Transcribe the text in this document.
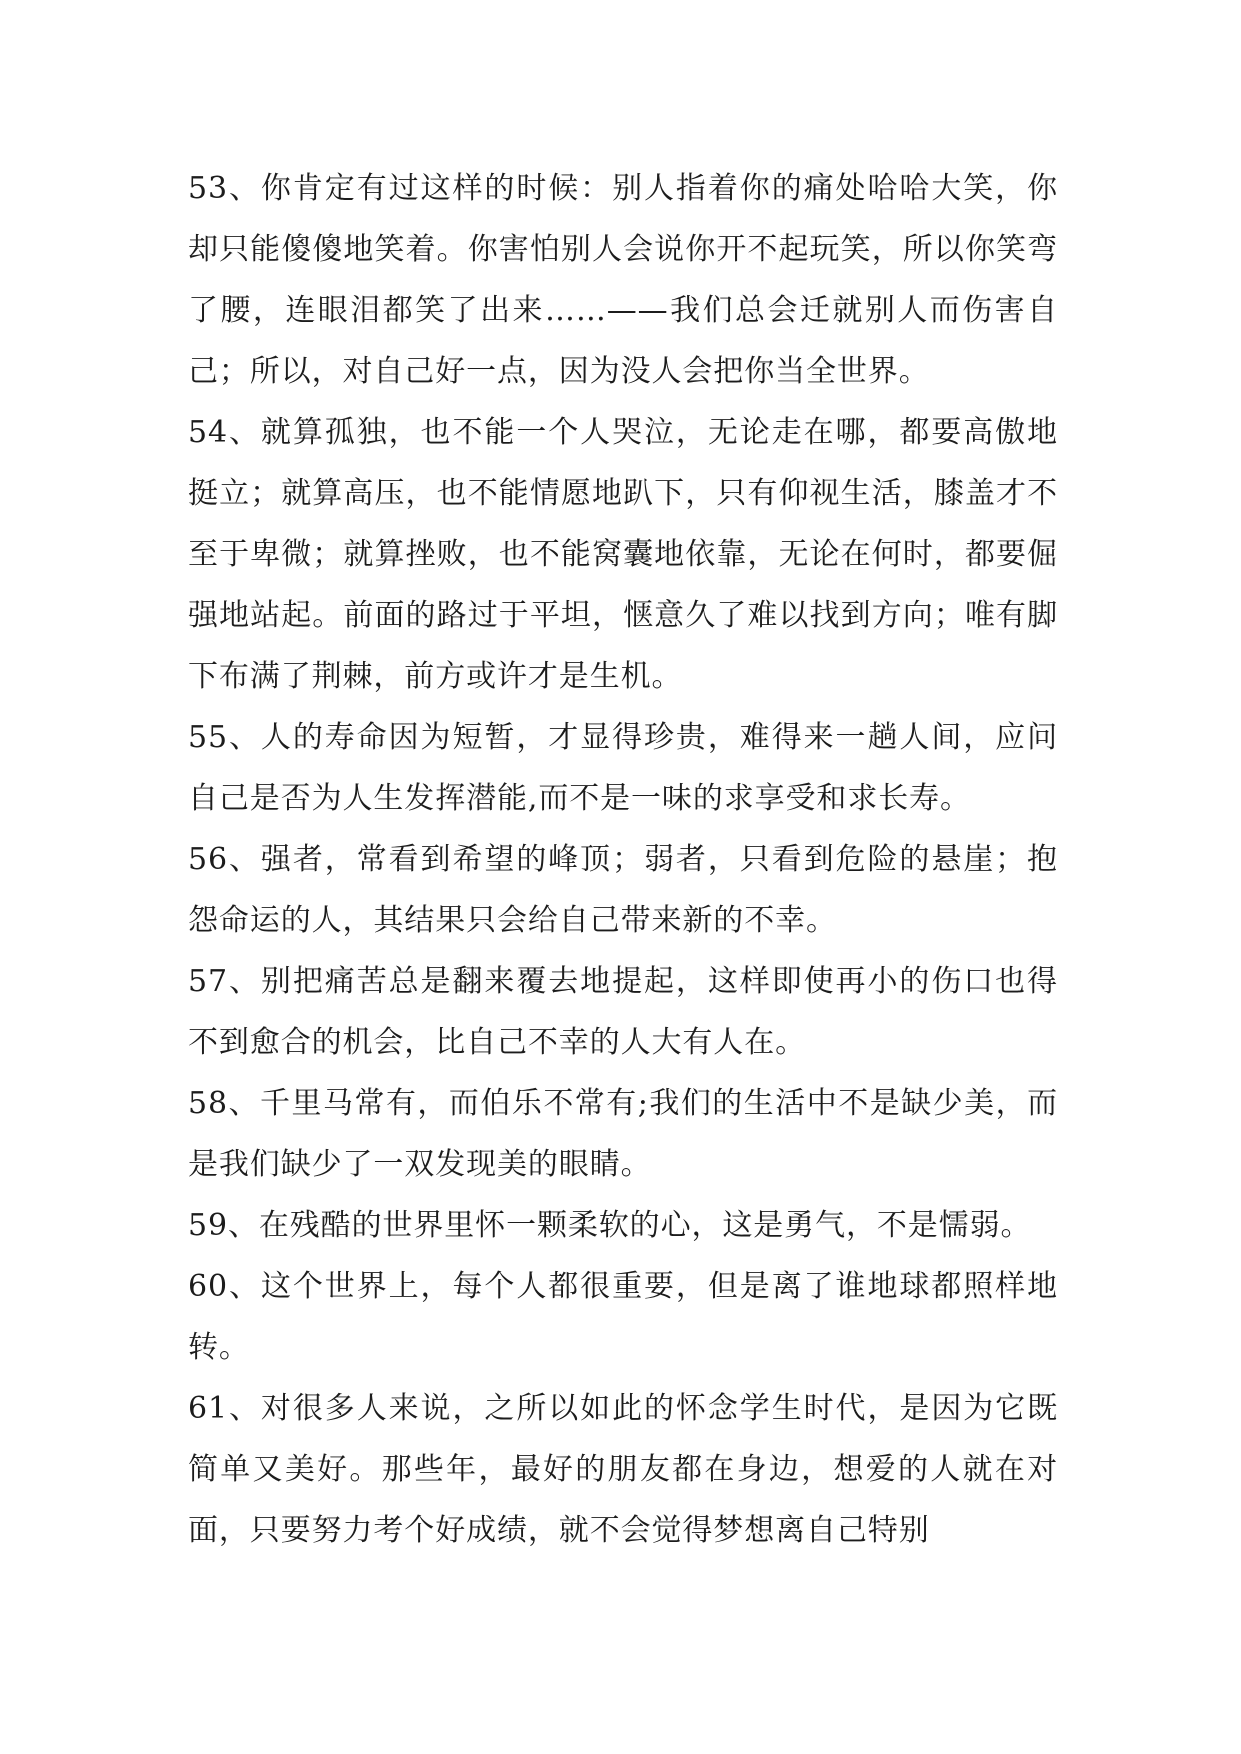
53、你肯定有过这样的时候：别人指着你的痛处哈哈大笑，你却只能傻傻地笑着。你害怕别人会说你开不起玩笑，所以你笑弯了腰，连眼泪都笑了出来……——我们总会迁就别人而伤害自己；所以，对自己好一点，因为没人会把你当全世界。

54、就算孤独，也不能一个人哭泣，无论走在哪，都要高傲地挺立；就算高压，也不能情愿地趴下，只有仰视生活，膝盖才不至于卑微；就算挫败，也不能窝囊地依靠，无论在何时，都要倔强地站起。前面的路过于平坦，惬意久了难以找到方向；唯有脚下布满了荆棘，前方或许才是生机。

55、人的寿命因为短暂，才显得珍贵，难得来一趟人间，应问自己是否为人生发挥潜能,而不是一味的求享受和求长寿。

56、强者，常看到希望的峰顶；弱者，只看到危险的悬崖；抱怨命运的人，其结果只会给自己带来新的不幸。

57、别把痛苦总是翻来覆去地提起，这样即使再小的伤口也得不到愈合的机会，比自己不幸的人大有人在。

58、千里马常有，而伯乐不常有;我们的生活中不是缺少美，而是我们缺少了一双发现美的眼睛。

59、在残酷的世界里怀一颗柔软的心，这是勇气，不是懦弱。

60、这个世界上，每个人都很重要，但是离了谁地球都照样地转。

61、对很多人来说，之所以如此的怀念学生时代，是因为它既简单又美好。那些年，最好的朋友都在身边，想爱的人就在对面，只要努力考个好成绩，就不会觉得梦想离自己特别
